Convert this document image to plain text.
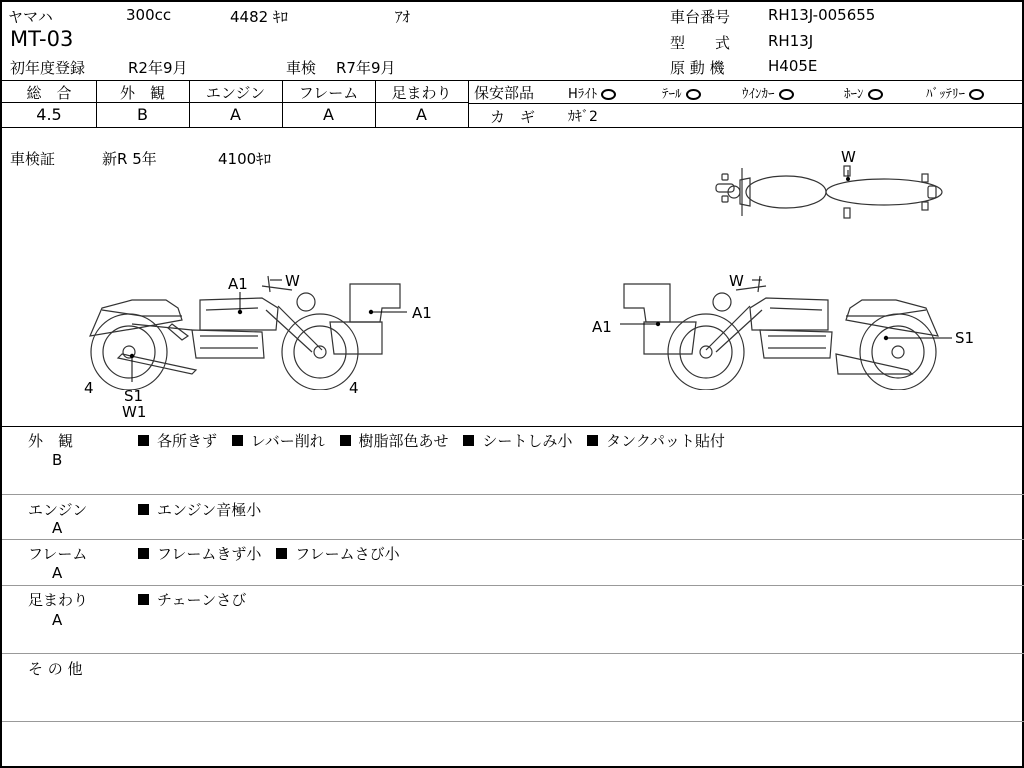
ヤマハ	300cc	4482 ｷﾛ	ｱｵ
MT-03
初年度登録	R2年9月	車検 R7年9月
車台番号	RH13J-005655
型　　式	RH13J
原 動 機	H405E
総　合	外　観	エンジン	フレーム	足まわり
4.5	B	A	A	A
保安部品	Hﾗｲﾄ	ﾃｰﾙ	ｳｲﾝｶｰ	ﾎｰﾝ	ﾊﾞｯﾃﾘｰ
カ　ギ ｶｷﾞ2
車検証	新R 5年	4100ｷﾛ	W
A1 W
A1
4 S1
W1
4
W
A1
S1
外　観
B
各所きず レバー削れ 樹脂部色あせ シートしみ小 タンクパット貼付
エンジン
A
エンジン音極小
フレーム
A
フレームきず小 フレームさび小
足まわり
A
チェーンさび
そ の 他
